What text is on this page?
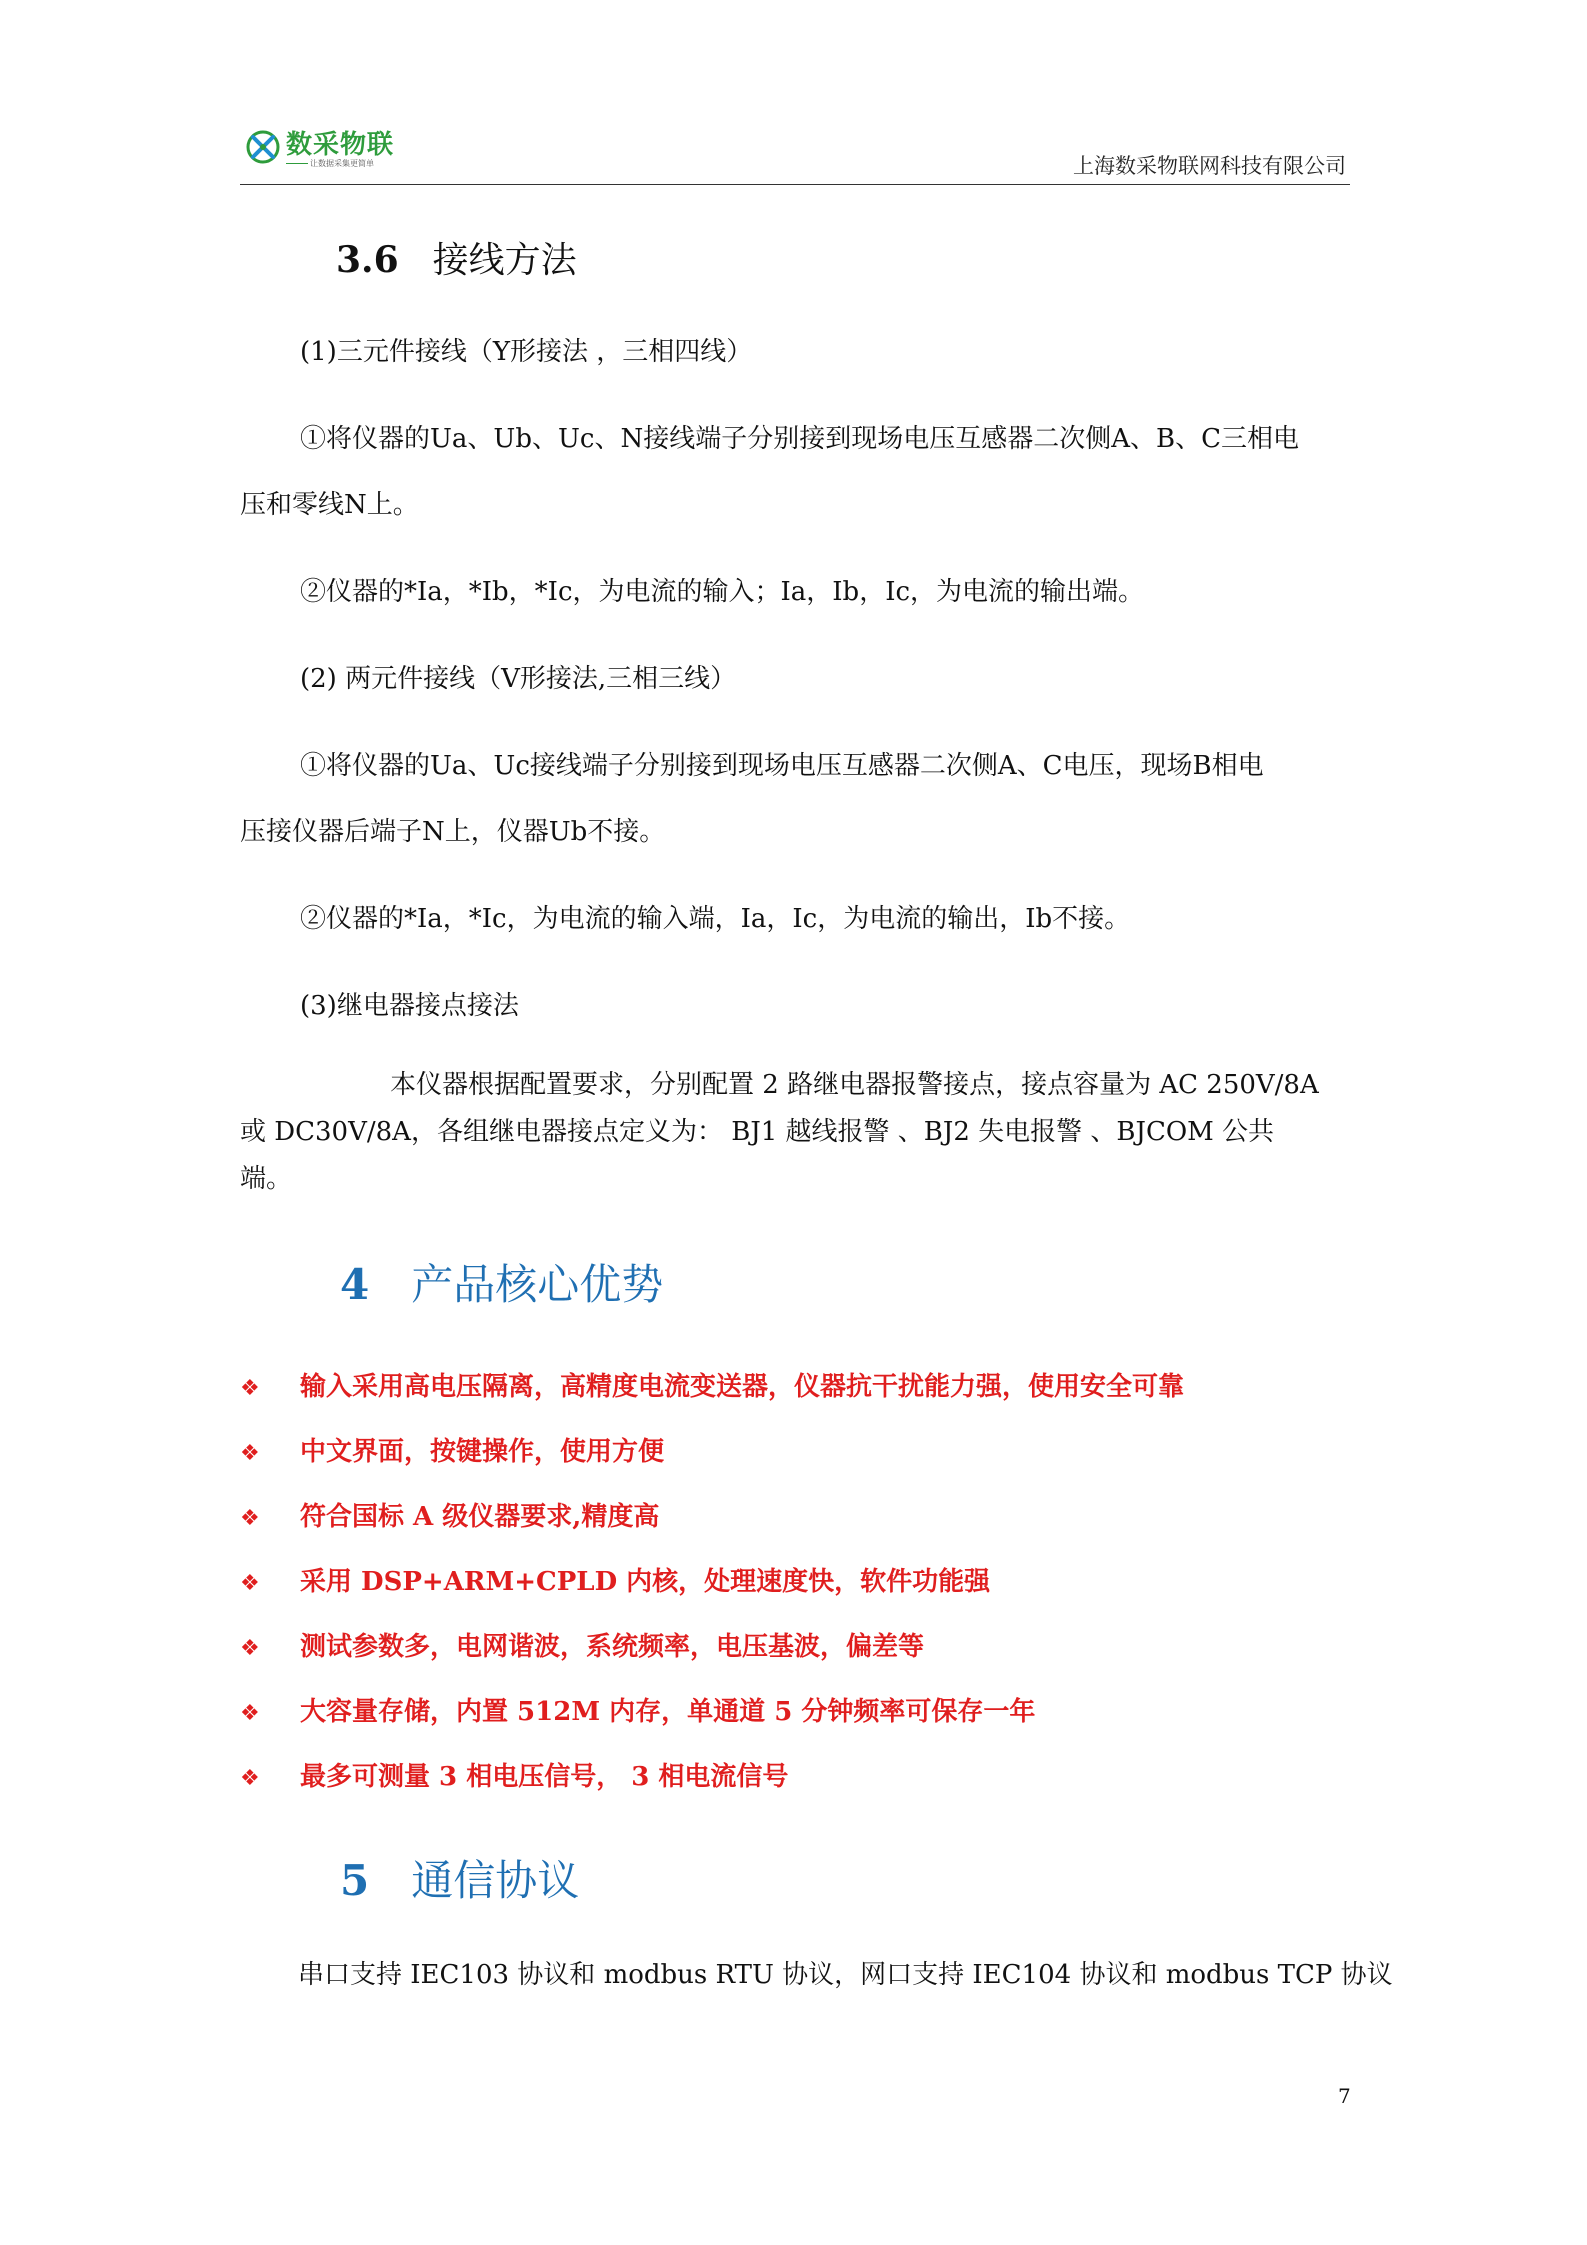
数采物联
让数据采集更简单	上海数采物联网科技有限公司
3.6 接线方法
(1)三元件接线（Y形接法 ，三相四线）
①将仪器的Ua、Ub、Uc、N接线端子分别接到现场电压互感器二次侧A、B、C三相电
压和零线N上。
②仪器的*Ia，*Ib，*Ic，为电流的输入；Ia，Ib，Ic，为电流的输出端。
(2) 两元件接线（V形接法,三相三线）
①将仪器的Ua、Uc接线端子分别接到现场电压互感器二次侧A、C电压，现场B相电
压接仪器后端子N上，仪器Ub不接。
②仪器的*Ia，*Ic，为电流的输入端，Ia，Ic，为电流的输出，Ib不接。
(3)继电器接点接法
本仪器根据配置要求，分别配置 2 路继电器报警接点，接点容量为 AC 250V/8A
或 DC30V/8A，各组继电器接点定义为： BJ1 越线报警 、BJ2 失电报警 、BJCOM 公共
端。
4 产品核心优势
❖ 输入采用高电压隔离，高精度电流变送器，仪器抗干扰能力强，使用安全可靠
❖ 中文界面，按键操作，使用方便
❖ 符合国标 A 级仪器要求,精度高
❖ 采用 DSP+ARM+CPLD 内核，处理速度快，软件功能强
❖ 测试参数多，电网谐波，系统频率，电压基波，偏差等
❖ 大容量存储，内置 512M 内存，单通道 5 分钟频率可保存一年
❖ 最多可测量 3 相电压信号， 3 相电流信号
5 通信协议
串口支持 IEC103 协议和 modbus RTU 协议，网口支持 IEC104 协议和 modbus TCP 协议
7
